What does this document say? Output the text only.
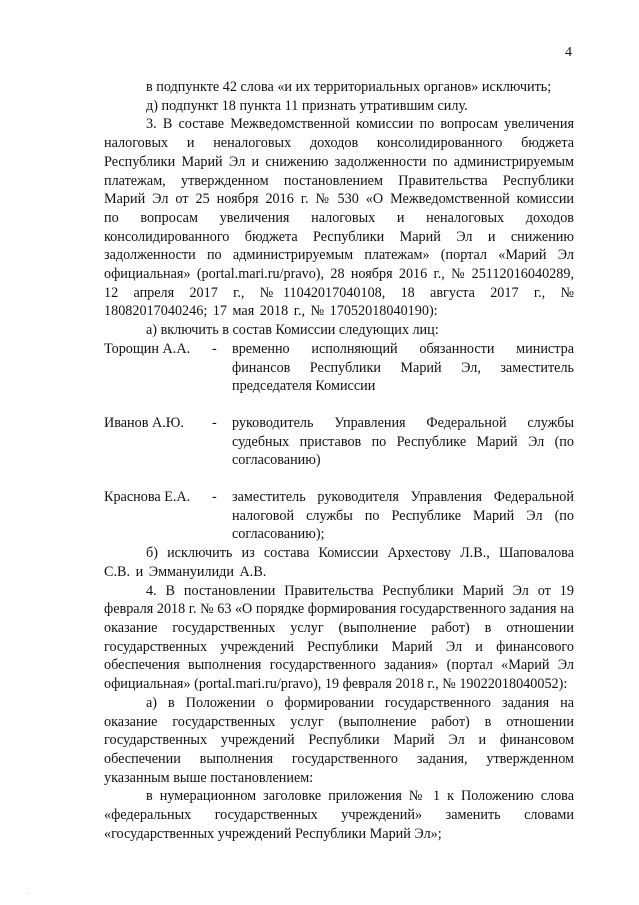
4

в подпункте 42 слова «и их территориальных органов» исключить;

д) подпункт 18 пункта 11 признать утратившим силу.

3. В составе Межведомственной комиссии по вопросам увеличения налоговых и неналоговых доходов консолидированного бюджета Республики Марий Эл и снижению задолженности по администрируемым платежам, утвержденном постановлением Правительства Республики Марий Эл от 25 ноября 2016 г. № 530 «О Межведомственной комиссии по вопросам увеличения налоговых и неналоговых доходов консолидированного бюджета Республики Марий Эл и снижению задолженности по администрируемым платежам» (портал «Марий Эл официальная» (portal.mari.ru/pravo), 28 ноября 2016 г., № 25112016040289, 12 апреля 2017 г., №11042017040108, 18 августа 2017 г., № 18082017040246; 17 мая 2018 г., № 17052018040190):

а) включить в состав Комиссии следующих лиц:

Торощин А.А.	-	временно исполняющий обязанности министра финансов Республики Марий Эл, заместитель председателя Комиссии
Иванов А.Ю.	-	руководитель Управления Федеральной службы судебных приставов по Республике Марий Эл (по согласованию)
Краснова Е.А.	-	заместитель руководителя Управления Федеральной налоговой службы по Республике Марий Эл (по согласованию);

б) исключить из состава Комиссии Архестову Л.В., Шаповалова С.В. и Эммануилиди А.В.

4. В постановлении Правительства Республики Марий Эл от 19 февраля 2018 г. № 63 «О порядке формирования государственного задания на оказание государственных услуг (выполнение работ) в отношении государственных учреждений Республики Марий Эл и финансового обеспечения выполнения государственного задания» (портал «Марий Эл официальная» (portal.mari.ru/pravo), 19 февраля 2018 г., № 19022018040052):

а) в Положении о формировании государственного задания на оказание государственных услуг (выполнение работ) в отношении государственных учреждений Республики Марий Эл и финансовом обеспечении выполнения государственного задания, утвержденном указанным выше постановлением:

в нумерационном заголовке приложения № 1 к Положению слова «федеральных государственных учреждений» заменить словами «государственных учреждений Республики Марий Эл»;

.
